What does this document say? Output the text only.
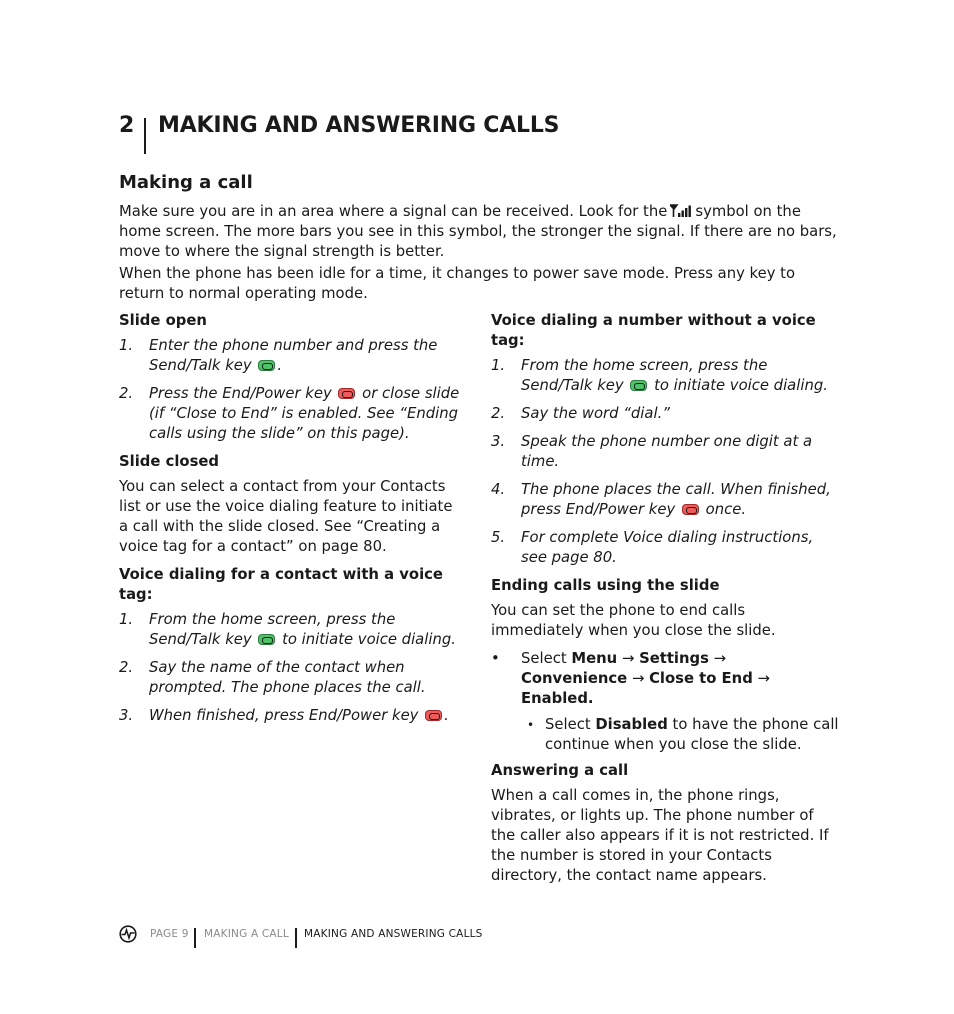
2 MAKING AND ANSWERING CALLS
Making a call

Make sure you are in an area where a signal can be received. Look for the symbol on the home screen. The more bars you see in this symbol, the stronger the signal. If there are no bars, move to where the signal strength is better.

When the phone has been idle for a time, it changes to power save mode. Press any key to return to normal operating mode.

Slide open
1. Enter the phone number and press the Send/Talk key .
2. Press the End/Power key or close slide (if “Close to End” is enabled. See “Ending calls using the slide” on this page).
Slide closed

You can select a contact from your Contacts list or use the voice dialing feature to initiate a call with the slide closed. See “Creating a voice tag for a contact” on page 80.

Voice dialing for a contact with a voice tag:
1. From the home screen, press the Send/Talk key to initiate voice dialing.
2. Say the name of the contact when prompted. The phone places the call.
3. When finished, press End/Power key .
Voice dialing a number without a voice tag:
1. From the home screen, press the Send/Talk key to initiate voice dialing.
2. Say the word “dial.”
3. Speak the phone number one digit at a time.
4. The phone places the call. When finished, press End/Power key once.
5. For complete Voice dialing instructions, see page 80.
Ending calls using the slide

You can set the phone to end calls immediately when you close the slide.

• Select Menu → Settings →
Convenience → Close to End → Enabled.
• Select Disabled to have the phone call continue when you close the slide.
Answering a call

When a call comes in, the phone rings, vibrates, or lights up. The phone number of the caller also appears if it is not restricted. If the number is stored in your Contacts directory, the contact name appears.

PAGE 9 MAKING A CALL MAKING AND ANSWERING CALLS
